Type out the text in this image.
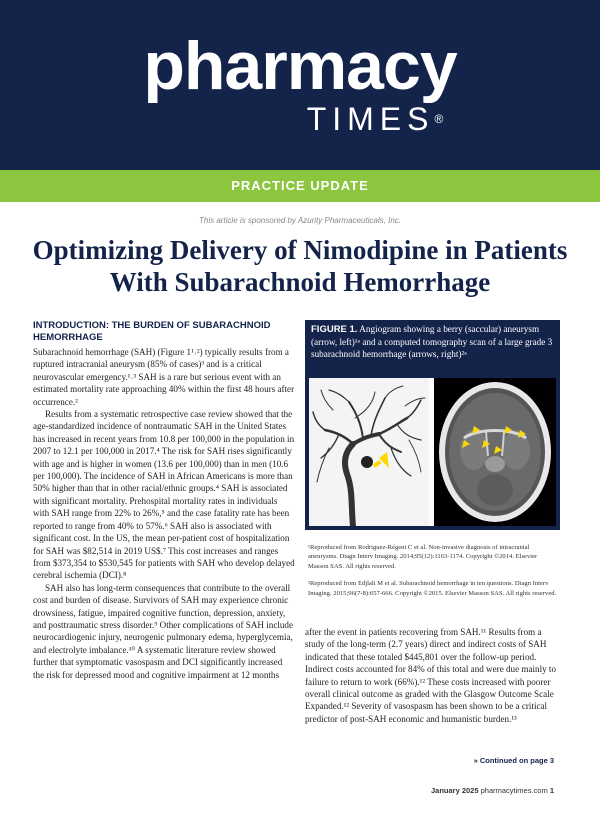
pharmacy
TIMES®
PRACTICE UPDATE
This article is sponsored by Azurity Pharmaceuticals, Inc.
Optimizing Delivery of Nimodipine in Patients With Subarachnoid Hemorrhage
INTRODUCTION: THE BURDEN OF SUBARACHNOID HEMORRHAGE

Subarachnoid hemorrhage (SAH) (Figure 1¹˒²) typically results from a ruptured intracranial aneurysm (85% of cases)³ and is a critical neurovascular emergency.¹˒³ SAH is a rare but serious event with an estimated mortality rate approaching 40% within the first 48 hours after occurrence.²

Results from a systematic retrospective case review showed that the age-standardized incidence of nontraumatic SAH in the United States has increased in recent years from 10.8 per 100,000 in the population in 2007 to 12.1 per 100,000 in 2017.⁴ The risk for SAH rises significantly with age and is higher in women (13.6 per 100,000) than in men (10.6 per 100,000). The incidence of SAH in African Americans is more than 50% higher than that in other racial/ethnic groups.⁴ SAH is associated with significant mortality. Prehospital mortality rates in individuals with SAH range from 22% to 26%,⁵ and the case fatality rate has been reported to range from 40% to 57%.⁶ SAH also is associated with significant cost. In the US, the mean per-patient cost of hospitalization for SAH was $82,514 in 2019 US$.⁷ This cost increases and ranges from $373,354 to $530,545 for patients with SAH who develop delayed cerebral ischemia (DCI).⁸

SAH also has long-term consequences that contribute to the overall cost and burden of disease. Survivors of SAH may experience chronic drowsiness, fatigue, impaired cognitive function, depression, anxiety, and posttraumatic stress disorder.⁹ Other complications of SAH include neurocardiogenic injury, neurogenic pulmonary edema, hyperglycemia, and electrolyte imbalance.¹⁰ A systematic literature review showed further that symptomatic vasospasm and DCI significantly increased the risk for depressed mood and cognitive impairment at 12 months

FIGURE 1. Angiogram showing a berry (saccular) aneurysm (arrow, left)¹ᵃ and a computed tomography scan of a large grade 3 subarachnoid hemorrhage (arrows, right)²ᵃ

¹Reproduced from Rodriguez-Régent C et al. Non-invasive diagnosis of intracranial aneurysms. Diagn Interv Imaging. 2014;95(12):1163-1174. Copyright ©2014. Elsevier Masson SAS. All rights reserved.

²Reproduced from Edjlali M et al. Subarachnoid hemorrhage in ten questions. Diagn Interv Imaging. 2015;96(7-8):657-666. Copyright ©2015. Elsevier Masson SAS. All rights reserved.

after the event in patients recovering from SAH.¹¹ Results from a study of the long-term (2.7 years) direct and indirect costs of SAH indicated that these totaled $445,801 over the follow-up period. Indirect costs accounted for 84% of this total and were due mainly to failure to return to work (66%).¹² These costs increased with poorer overall clinical outcome as graded with the Glasgow Outcome Scale Expanded.¹² Severity of vasospasm has been shown to be a critical predictor of post-SAH economic and humanistic burden.¹³

» Continued on page 3
January 2025 pharmacytimes.com 1
